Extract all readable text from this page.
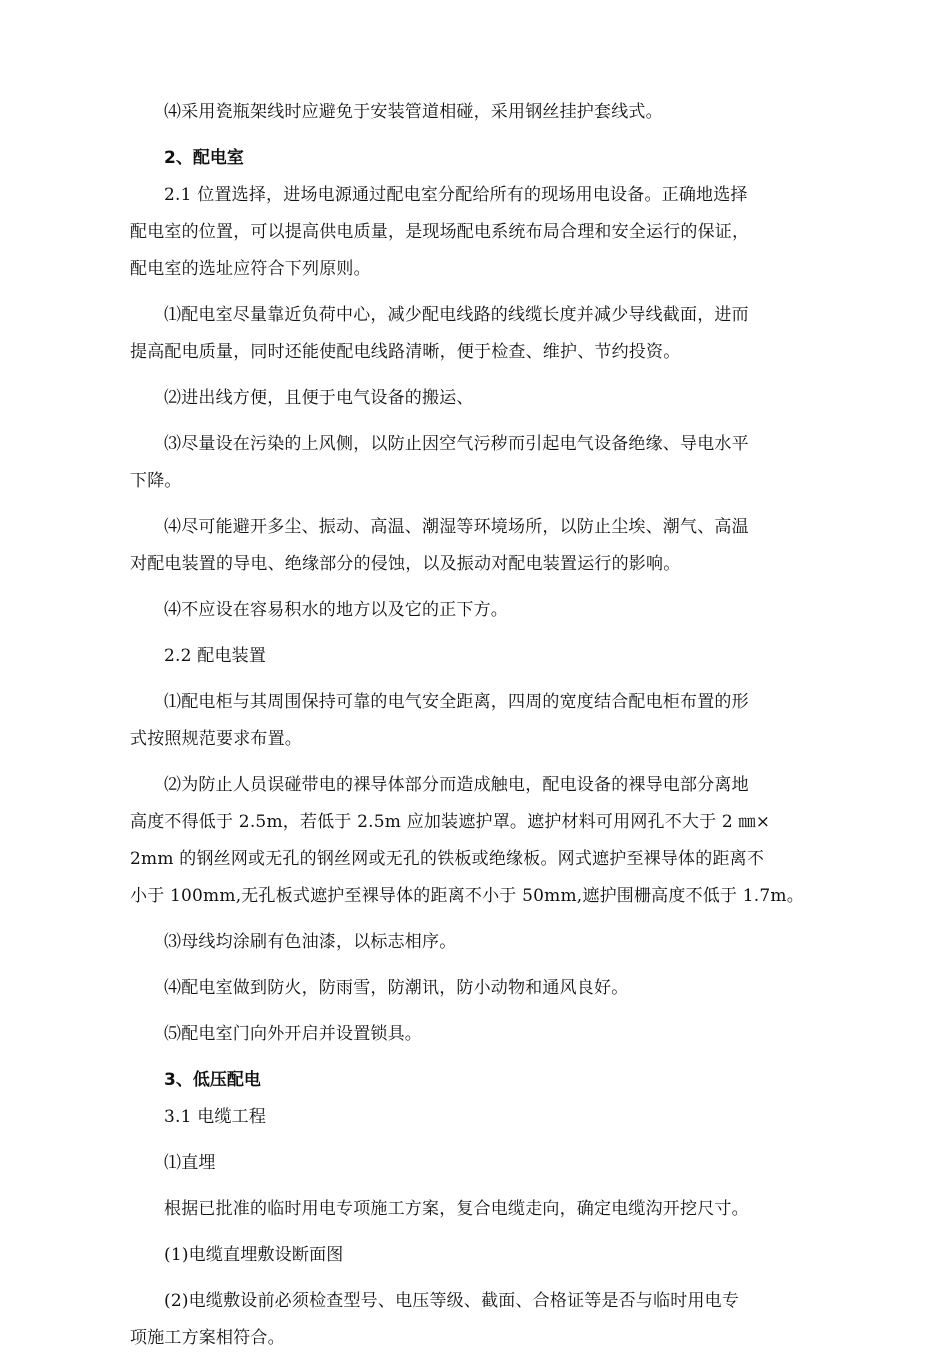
⑷采用瓷瓶架线时应避免于安装管道相碰，采用钢丝挂护套线式。
2、配电室
2.1 位置选择，进场电源通过配电室分配给所有的现场用电设备。正确地选择
配电室的位置，可以提高供电质量，是现场配电系统布局合理和安全运行的保证，
配电室的选址应符合下列原则。
⑴配电室尽量靠近负荷中心，减少配电线路的线缆长度并减少导线截面，进而
提高配电质量，同时还能使配电线路清晰，便于检查、维护、节约投资。
⑵进出线方便，且便于电气设备的搬运、
⑶尽量设在污染的上风侧，以防止因空气污秽而引起电气设备绝缘、导电水平
下降。
⑷尽可能避开多尘、振动、高温、潮湿等环境场所，以防止尘埃、潮气、高温
对配电装置的导电、绝缘部分的侵蚀，以及振动对配电装置运行的影响。
⑷不应设在容易积水的地方以及它的正下方。
2.2 配电装置
⑴配电柜与其周围保持可靠的电气安全距离，四周的宽度结合配电柜布置的形
式按照规范要求布置。
⑵为防止人员误碰带电的裸导体部分而造成触电，配电设备的裸导电部分离地
高度不得低于 2.5m，若低于 2.5m 应加装遮护罩。遮护材料可用网孔不大于 2 ㎜×
2mm 的钢丝网或无孔的钢丝网或无孔的铁板或绝缘板。网式遮护至裸导体的距离不
小于 100mm,无孔板式遮护至裸导体的距离不小于 50mm,遮护围栅高度不低于 1.7m。
⑶母线均涂刷有色油漆，以标志相序。
⑷配电室做到防火，防雨雪，防潮讯，防小动物和通风良好。
⑸配电室门向外开启并设置锁具。
3、低压配电
3.1 电缆工程
⑴直埋
根据已批准的临时用电专项施工方案，复合电缆走向，确定电缆沟开挖尺寸。
(1)电缆直埋敷设断面图
(2)电缆敷设前必须检查型号、电压等级、截面、合格证等是否与临时用电专
项施工方案相符合。
